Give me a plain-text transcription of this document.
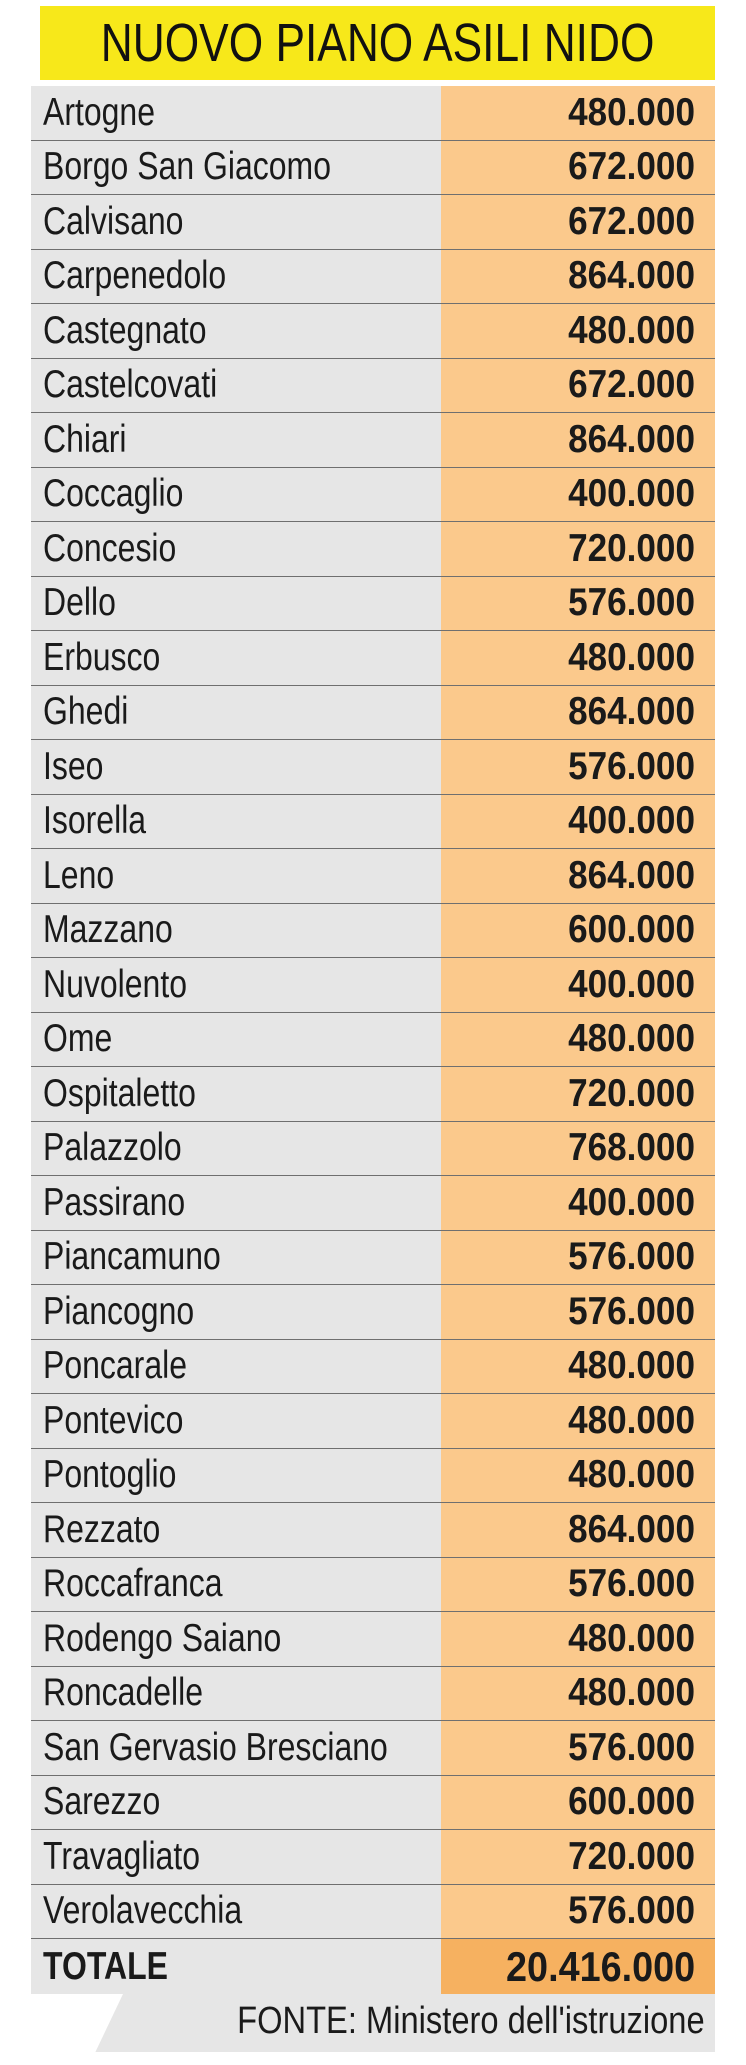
NUOVO PIANO ASILI NIDO
Artogne	480.000
Borgo San Giacomo	672.000
Calvisano	672.000
Carpenedolo	864.000
Castegnato	480.000
Castelcovati	672.000
Chiari	864.000
Coccaglio	400.000
Concesio	720.000
Dello	576.000
Erbusco	480.000
Ghedi	864.000
Iseo	576.000
Isorella	400.000
Leno	864.000
Mazzano	600.000
Nuvolento	400.000
Ome	480.000
Ospitaletto	720.000
Palazzolo	768.000
Passirano	400.000
Piancamuno	576.000
Piancogno	576.000
Poncarale	480.000
Pontevico	480.000
Pontoglio	480.000
Rezzato	864.000
Roccafranca	576.000
Rodengo Saiano	480.000
Roncadelle	480.000
San Gervasio Bresciano	576.000
Sarezzo	600.000
Travagliato	720.000
Verolavecchia	576.000
TOTALE	20.416.000
FONTE: Ministero dell'istruzione
